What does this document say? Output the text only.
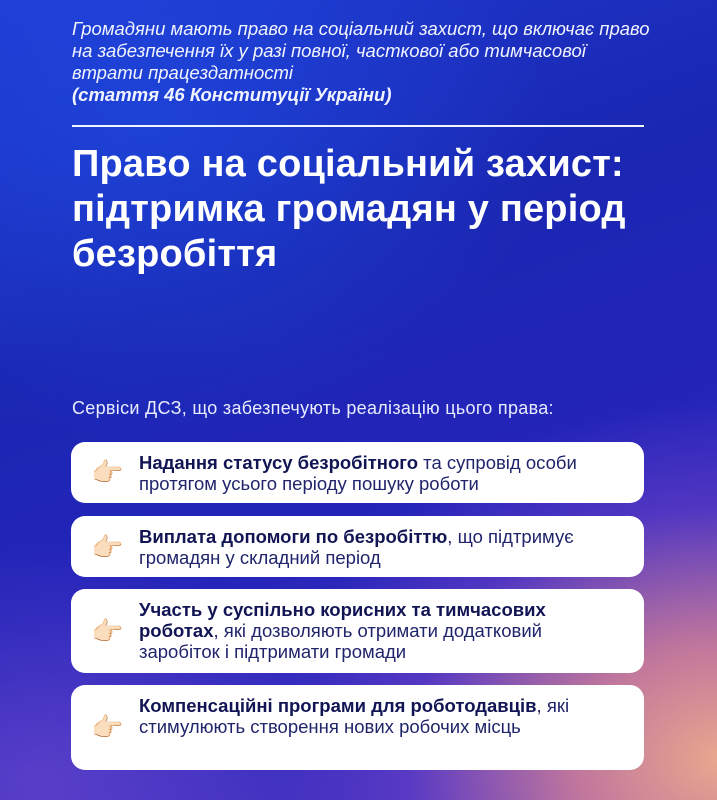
Громадяни мають право на соціальний захист, що включає право на забезпечення їх у разі повної, часткової або тимчасової втрати працездатності
(стаття 46 Конституції України)
Право на соціальний захист: підтримка громадян у період безробіття
Сервіси ДСЗ, що забезпечують реалізацію цього права:
👉🏻 Надання статусу безробітного та супровід особи протягом усього періоду пошуку роботи
👉🏻 Виплата допомоги по безробіттю, що підтримує громадян у складний період
👉🏻
Участь у суспільно корисних та тимчасових роботах, які дозволяють отримати додатковий заробіток і підтримати громади
👉🏻
Компенсаційні програми для роботодавців, які стимулюють створення нових робочих місць
